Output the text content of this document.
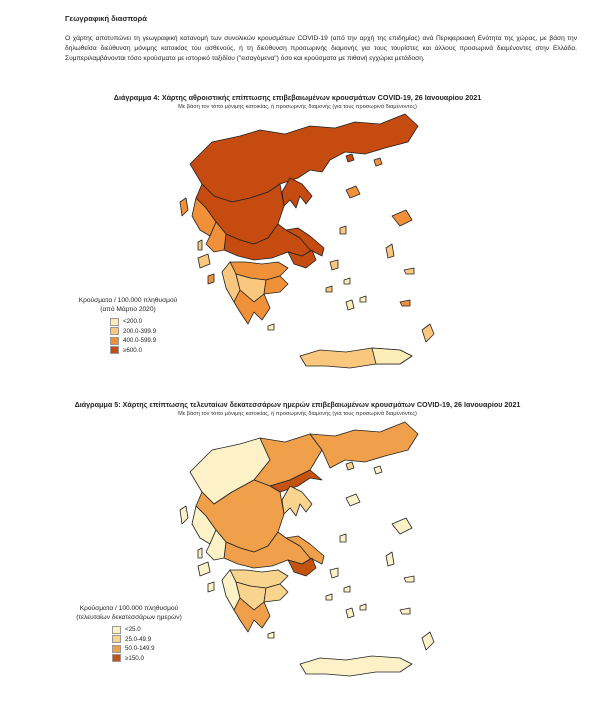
Γεωγραφική διασπορά
Ο χάρτης αποτυπώνει τη γεωγραφική κατανομή των συνολικών κρουσμάτων COVID-19 (από την αρχή της επιδημίας) ανά Περιφερειακή Ενότητα της χώρας, με βάση την δηλωθείσα διεύθυνση μόνιμης κατοικίας του ασθενούς, ή τη διεύθυνση προσωρινής διαμονής για τους τουρίστες και άλλους προσωρινά διαμένοντες στην Ελλάδα. Συμπεριλαμβάνονται τόσο κρούσματα με ιστορικό ταξιδίου ("εισαγόμενα") όσο και κρούσματα με πιθανή εγχώρια μετάδοση.
Διάγραμμα 4: Χάρτης αθροιστικής επίπτωσης επιβεβαιωμένων κρουσμάτων COVID-19, 26 Ιανουαρίου 2021
Με βάση τον τόπο μόνιμης κατοικίας, ή προσωρινής διαμονής (για τους προσωρινά διαμένοντες)
Κρούσματα / 100.000 πληθυσμού
(από Μάρτιο 2020)
<200.0
200.0-399.9
400.0-599.9
≥600.0
Διάγραμμα 5: Χάρτης επίπτωσης τελευταίων δεκατεσσάρων ημερών επιβεβαιωμένων κρουσμάτων COVID-19, 26 Ιανουαρίου 2021
Με βάση τον τόπο μόνιμης κατοικίας, ή προσωρινής διαμονής (για τους προσωρινά διαμένοντες)
Κρούσματα / 100.000 πληθυσμού
(τελευταίων δεκατεσσάρων ημερών)
<25.0
25.0-49.9
50.0-149.9
≥150.0
